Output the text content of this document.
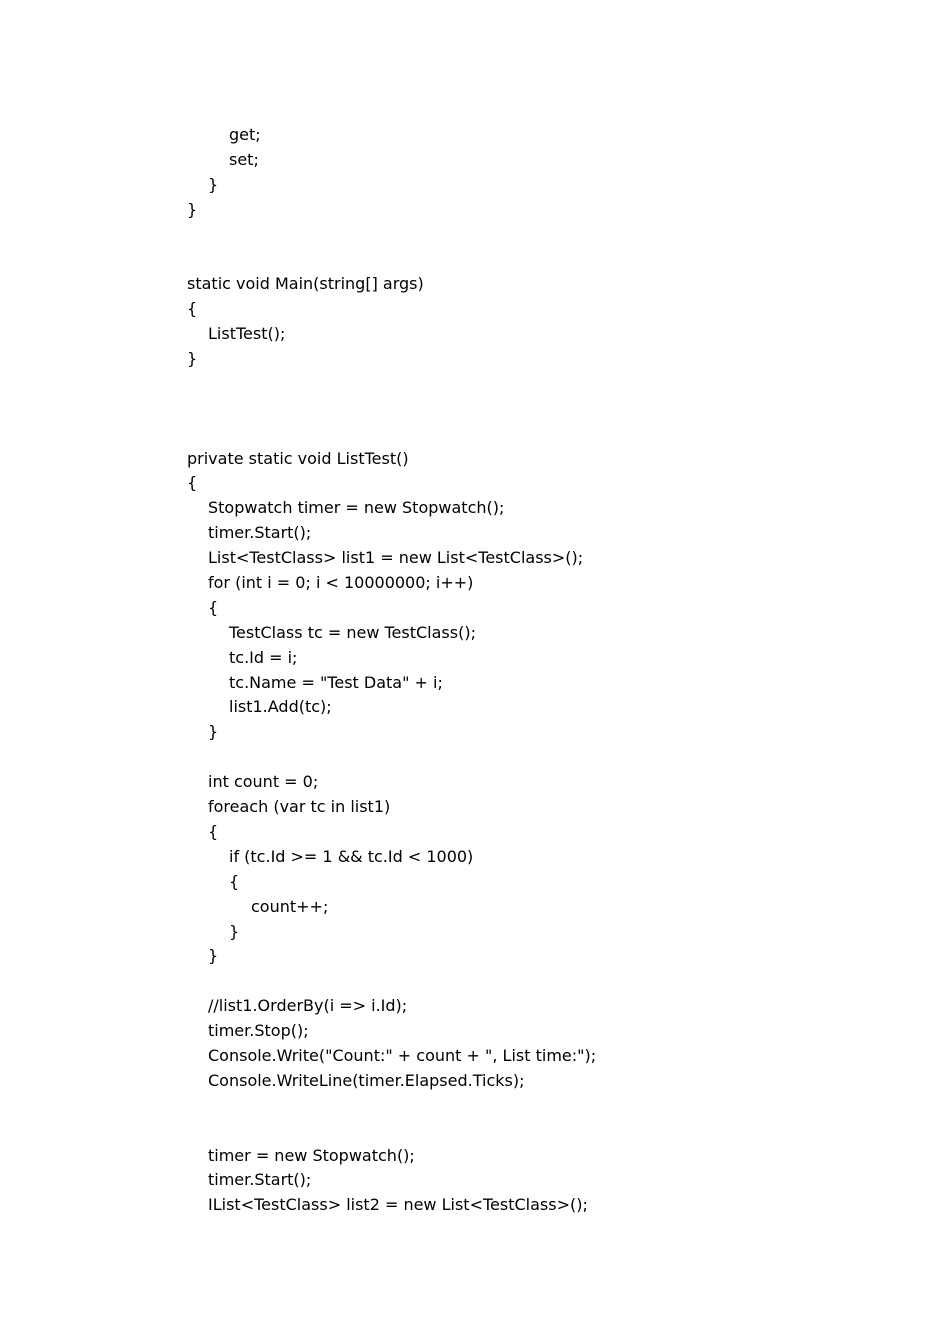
get;
set;
}
}
static void Main(string[] args)
{
ListTest();
}
private static void ListTest()
{
Stopwatch timer = new Stopwatch();
timer.Start();
List<TestClass> list1 = new List<TestClass>();
for (int i = 0; i < 10000000; i++)
{
TestClass tc = new TestClass();
tc.Id = i;
tc.Name = "Test Data" + i;
list1.Add(tc);
}
int count = 0;
foreach (var tc in list1)
{
if (tc.Id >= 1 && tc.Id < 1000)
{
count++;
}
}
//list1.OrderBy(i => i.Id);
timer.Stop();
Console.Write("Count:" + count + ", List time:");
Console.WriteLine(timer.Elapsed.Ticks);
timer = new Stopwatch();
timer.Start();
IList<TestClass> list2 = new List<TestClass>();
